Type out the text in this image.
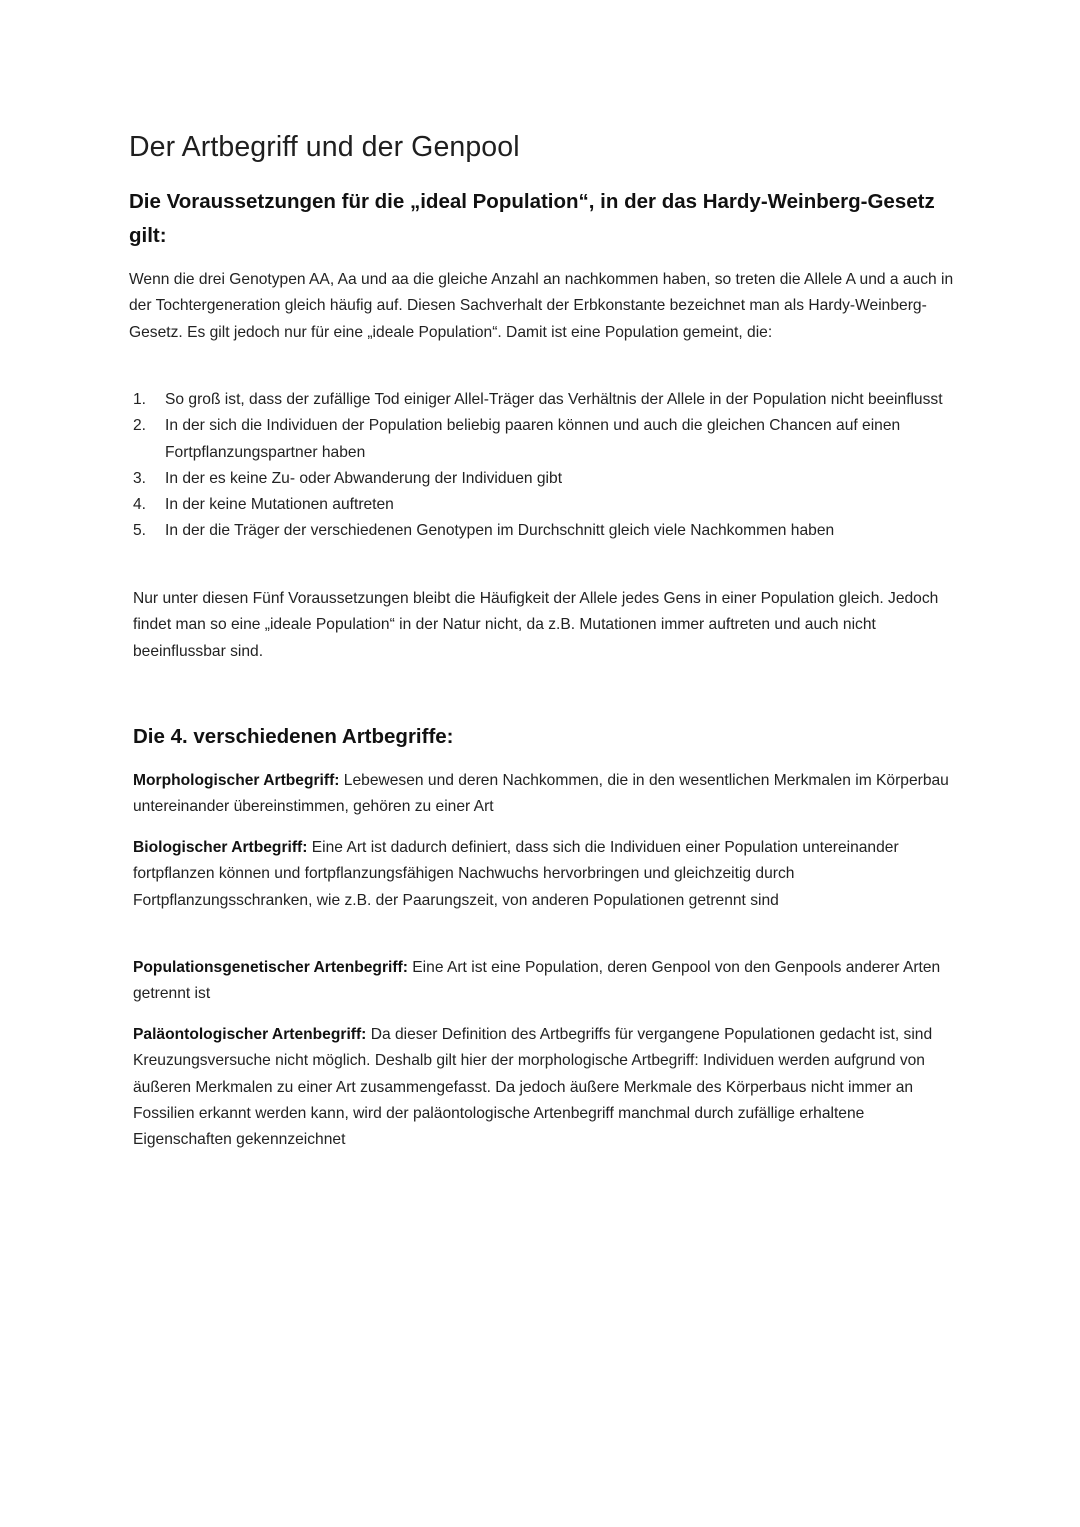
Der Artbegriff und der Genpool
Die Voraussetzungen für die „ideal Population“, in der das Hardy-Weinberg-Gesetz gilt:
Wenn die drei Genotypen AA, Aa und aa die gleiche Anzahl an nachkommen haben, so treten die Allele A und a auch in der Tochtergeneration gleich häufig auf. Diesen Sachverhalt der Erbkonstante bezeichnet man als Hardy-Weinberg-Gesetz. Es gilt jedoch nur für eine „ideale Population“. Damit ist eine Population gemeint, die:
1. So groß ist, dass der zufällige Tod einiger Allel-Träger das Verhältnis der Allele in der Population nicht beeinflusst
2. In der sich die Individuen der Population beliebig paaren können und auch die gleichen Chancen auf einen Fortpflanzungspartner haben
3. In der es keine Zu- oder Abwanderung der Individuen gibt
4. In der keine Mutationen auftreten
5. In der die Träger der verschiedenen Genotypen im Durchschnitt gleich viele Nachkommen haben
Nur unter diesen Fünf Voraussetzungen bleibt die Häufigkeit der Allele jedes Gens in einer Population gleich. Jedoch findet man so eine „ideale Population“ in der Natur nicht, da z.B. Mutationen immer auftreten und auch nicht beeinflussbar sind.
Die 4. verschiedenen Artbegriffe:
Morphologischer Artbegriff: Lebewesen und deren Nachkommen, die in den wesentlichen Merkmalen im Körperbau untereinander übereinstimmen, gehören zu einer Art
Biologischer Artbegriff: Eine Art ist dadurch definiert, dass sich die Individuen einer Population untereinander fortpflanzen können und fortpflanzungsfähigen Nachwuchs hervorbringen und gleichzeitig durch Fortpflanzungsschranken, wie z.B. der Paarungszeit, von anderen Populationen getrennt sind
Populationsgenetischer Artenbegriff: Eine Art ist eine Population, deren Genpool von den Genpools anderer Arten getrennt ist
Paläontologischer Artenbegriff: Da dieser Definition des Artbegriffs für vergangene Populationen gedacht ist, sind Kreuzungsversuche nicht möglich. Deshalb gilt hier der morphologische Artbegriff: Individuen werden aufgrund von äußeren Merkmalen zu einer Art zusammengefasst. Da jedoch äußere Merkmale des Körperbaus nicht immer an Fossilien erkannt werden kann, wird der paläontologische Artenbegriff manchmal durch zufällige erhaltene Eigenschaften gekennzeichnet
